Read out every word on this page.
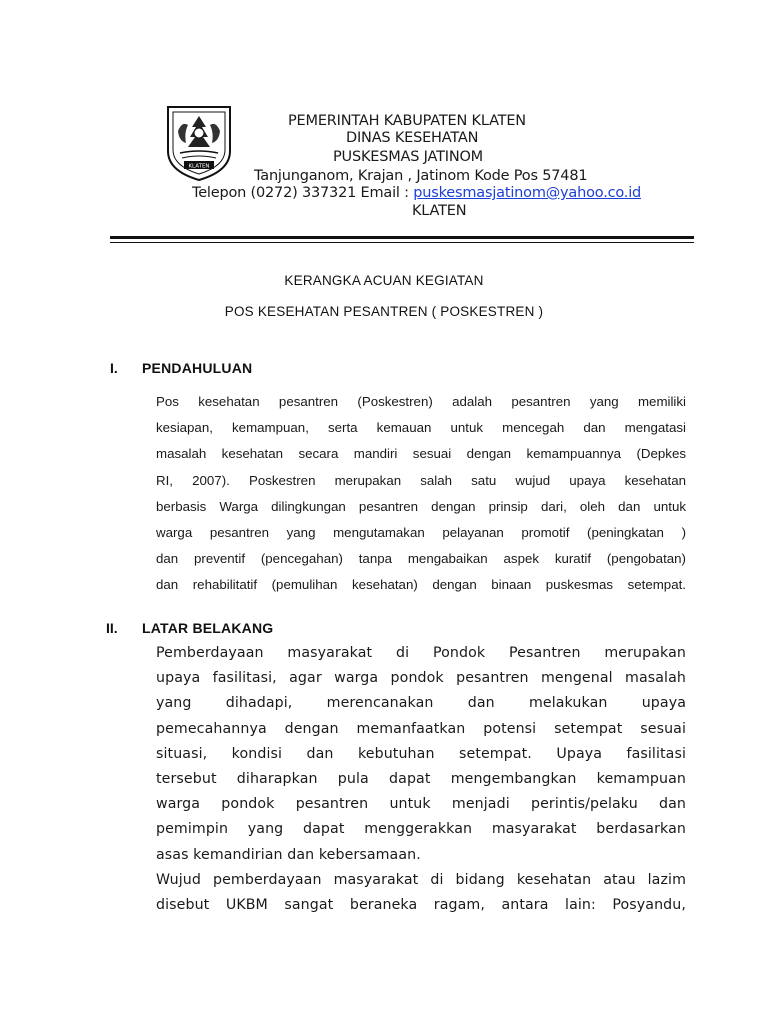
KLATEN
PEMERINTAH KABUPATEN KLATEN
DINAS KESEHATAN
PUSKESMAS JATINOM
Tanjunganom, Krajan , Jatinom Kode Pos 57481
Telepon (0272) 337321 Email : puskesmasjatinom@yahoo.co.id
KLATEN
KERANGKA ACUAN KEGIATAN
POS KESEHATAN PESANTREN ( POSKESTREN )
I. PENDAHULUAN
Pos kesehatan pesantren (Poskestren) adalah pesantren yang memiliki
kesiapan, kemampuan, serta kemauan untuk mencegah dan mengatasi
masalah kesehatan secara mandiri sesuai dengan kemampuannya (Depkes
RI, 2007). Poskestren merupakan salah satu wujud upaya kesehatan
berbasis Warga dilingkungan pesantren dengan prinsip dari, oleh dan untuk
warga pesantren yang mengutamakan pelayanan promotif (peningkatan )
dan preventif (pencegahan) tanpa mengabaikan aspek kuratif (pengobatan)
dan rehabilitatif (pemulihan kesehatan) dengan binaan puskesmas setempat.
II. LATAR BELAKANG
Pemberdayaan masyarakat di Pondok Pesantren merupakan
upaya fasilitasi, agar warga pondok pesantren mengenal masalah
yang dihadapi, merencanakan dan melakukan upaya
pemecahannya dengan memanfaatkan potensi setempat sesuai
situasi, kondisi dan kebutuhan setempat. Upaya fasilitasi
tersebut diharapkan pula dapat mengembangkan kemampuan
warga pondok pesantren untuk menjadi perintis/pelaku dan
pemimpin yang dapat menggerakkan masyarakat berdasarkan
asas kemandirian dan kebersamaan.
Wujud pemberdayaan masyarakat di bidang kesehatan atau lazim
disebut UKBM sangat beraneka ragam, antara lain: Posyandu,
